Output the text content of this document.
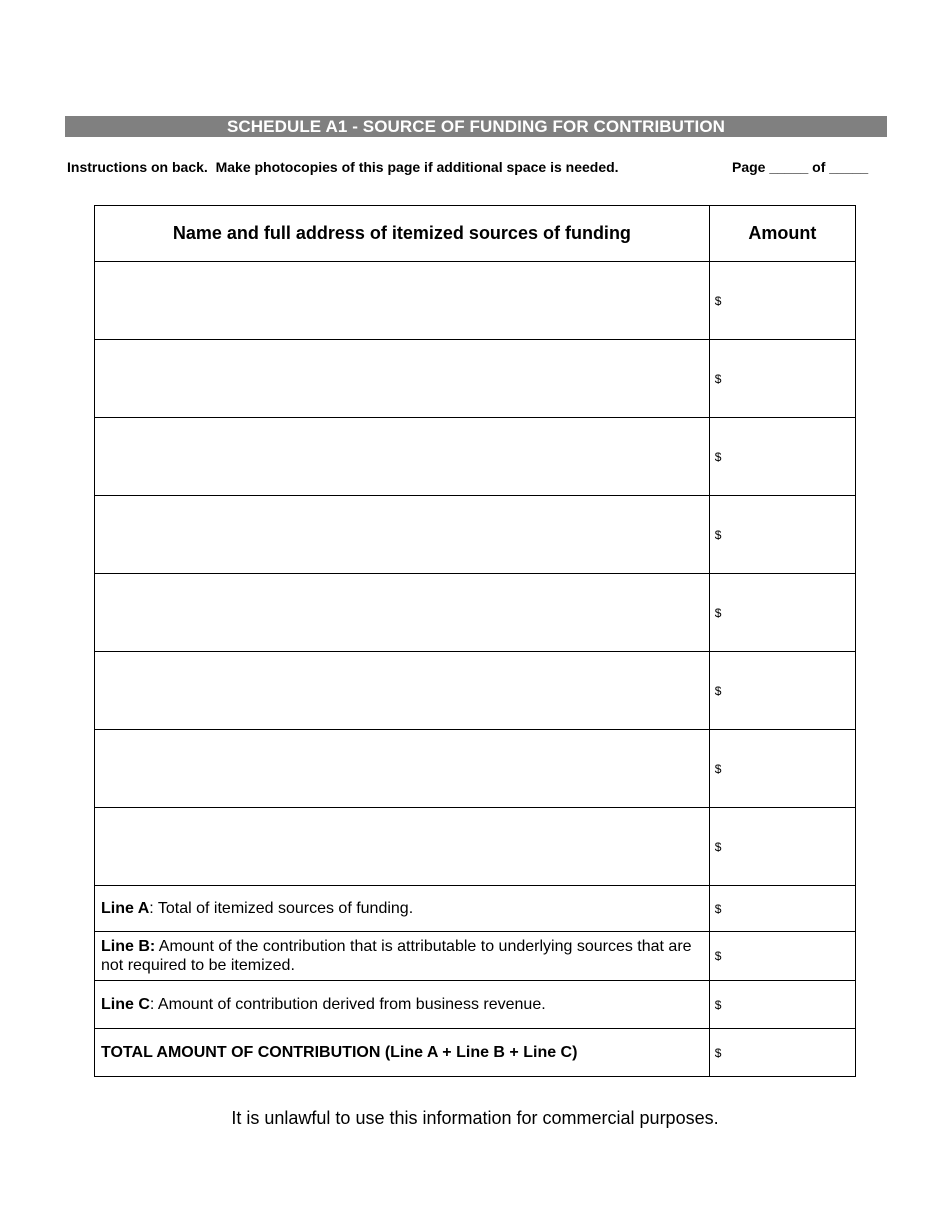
SCHEDULE A1 - SOURCE OF FUNDING FOR CONTRIBUTION
Instructions on back.  Make photocopies of this page if additional space is needed.	Page _____ of _____
Name and full address of itemized sources of funding	Amount
	$
	$
	$
	$
	$
	$
	$
	$
Line A: Total of itemized sources of funding.	$
Line B: Amount of the contribution that is attributable to underlying sources that are not required to be itemized.	$
Line C: Amount of contribution derived from business revenue.	$
TOTAL AMOUNT OF CONTRIBUTION (Line A + Line B + Line C)	$
It is unlawful to use this information for commercial purposes.
